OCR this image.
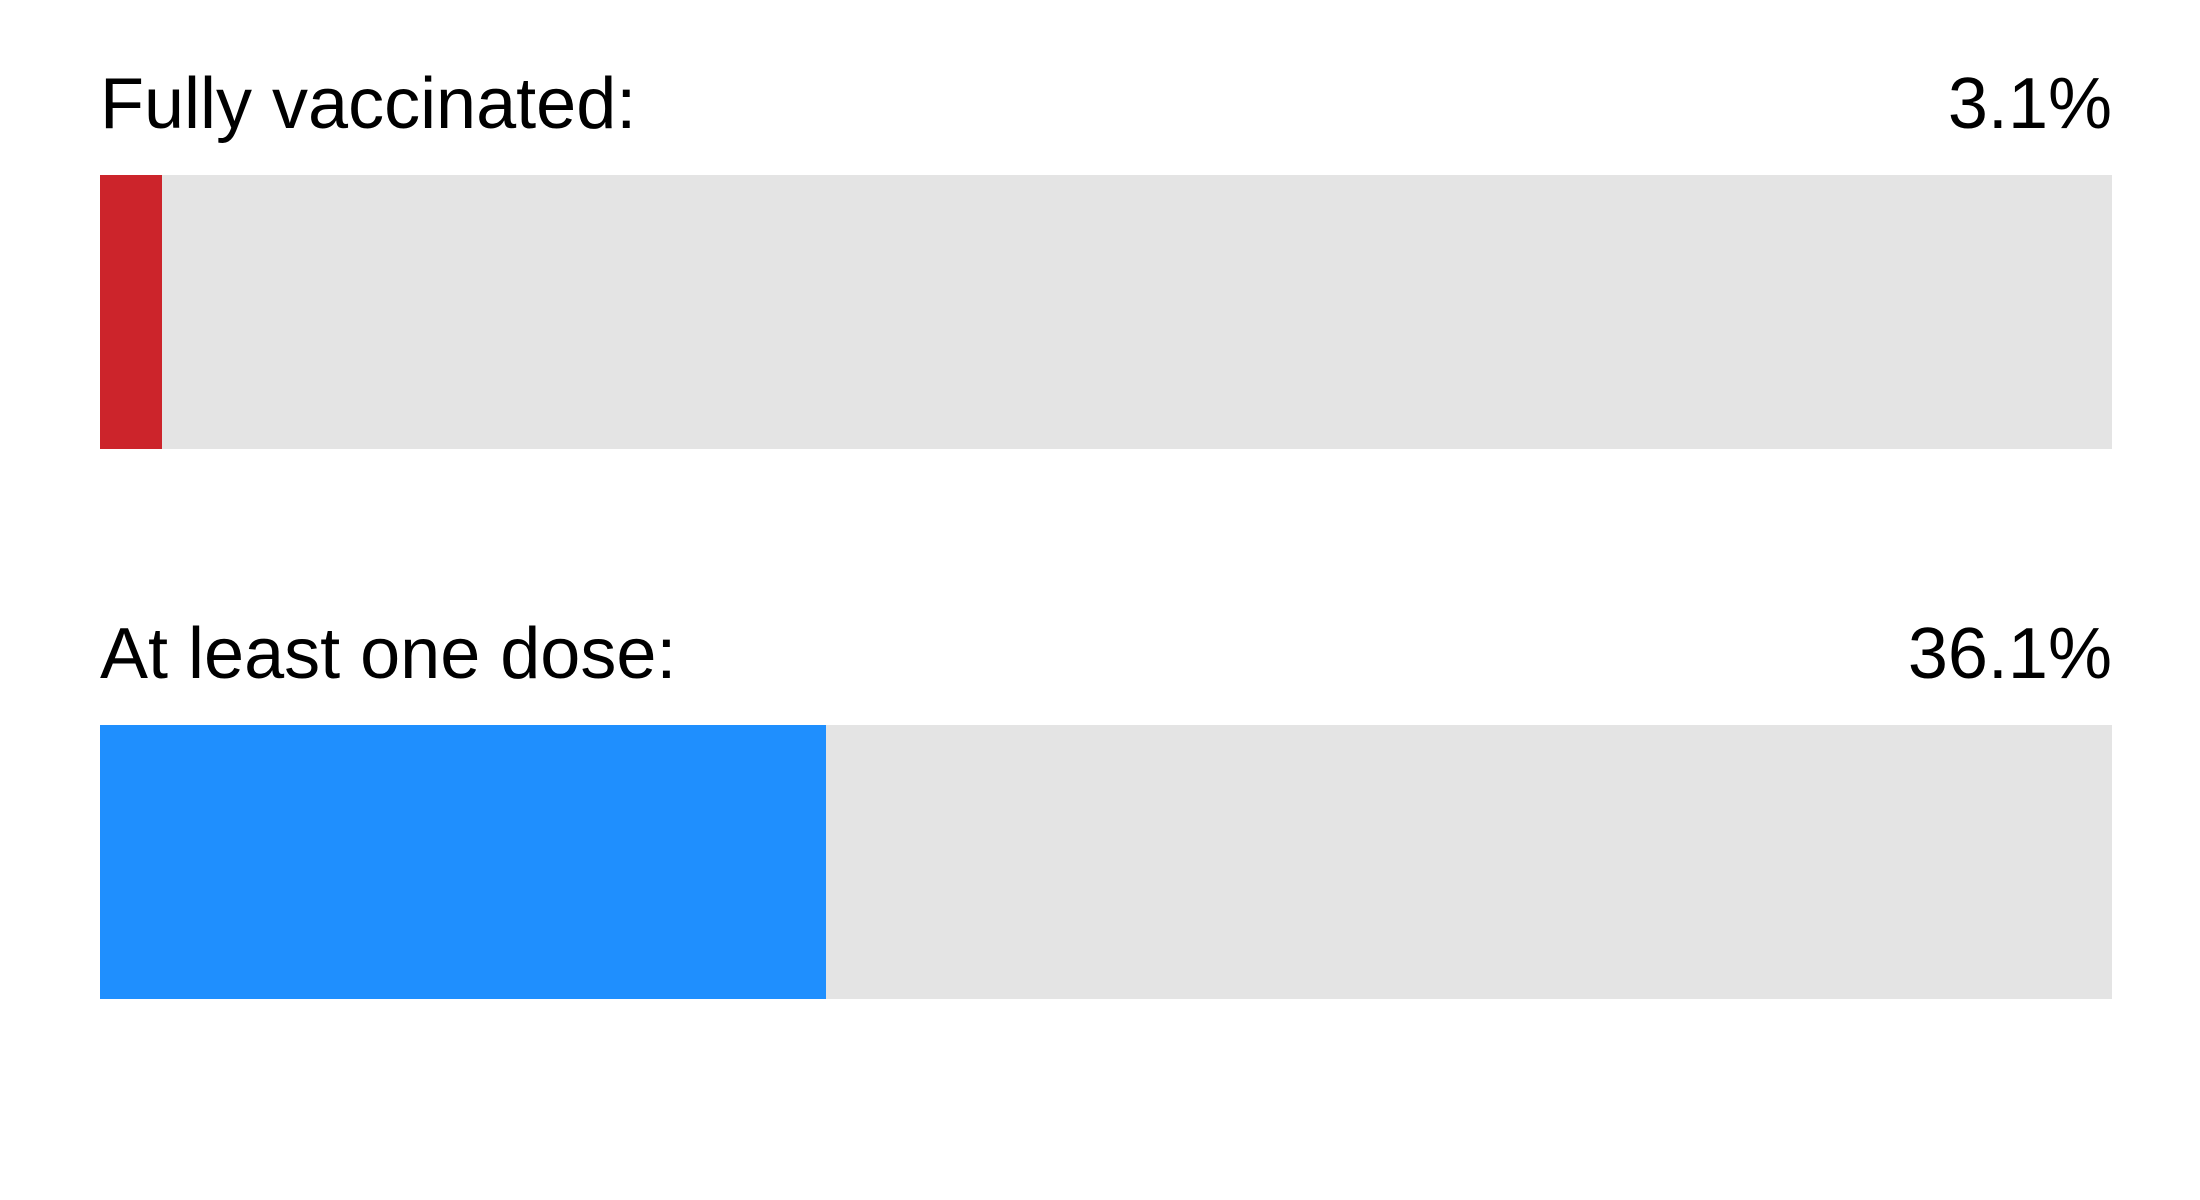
Fully vaccinated:	3.1%
At least one dose:	36.1%
